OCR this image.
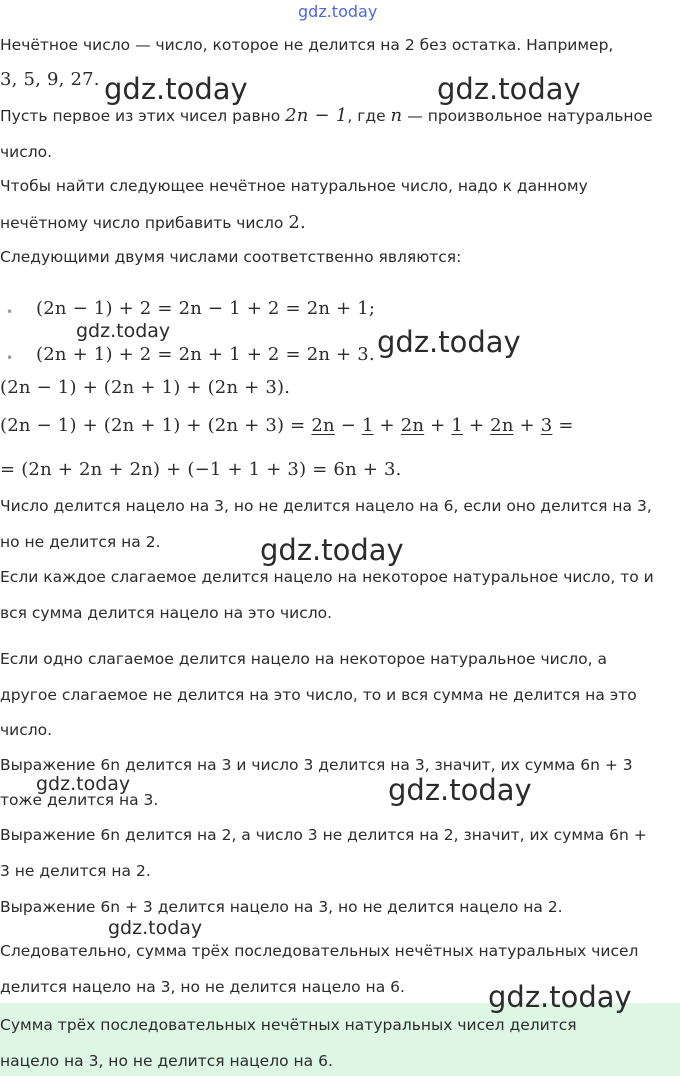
gdz.today
gdz.today	gdz.today
gdz.today	gdz.today
gdz.today
gdz.today	gdz.today
gdz.today
gdz.today
Нечётное число — число, которое не делится на 2 без остатка. Например,
3, 5, 9, 27.
Пусть первое из этих чисел равно 2n − 1, где n — произвольное натуральное
число.
Чтобы найти следующее нечётное натуральное число, надо к данному
нечётному число прибавить число 2.
Следующими двумя числами соответственно являются:
• (2n − 1) + 2 = 2n − 1 + 2 = 2n + 1;
• (2n + 1) + 2 = 2n + 1 + 2 = 2n + 3.
(2n − 1) + (2n + 1) + (2n + 3).
(2n − 1) + (2n + 1) + (2n + 3) = 2n − 1 + 2n + 1 + 2n + 3 =
= (2n + 2n + 2n) + (−1 + 1 + 3) = 6n + 3.
Число делится нацело на 3, но не делится нацело на 6, если оно делится на 3,
но не делится на 2.
Если каждое слагаемое делится нацело на некоторое натуральное число, то и
вся сумма делится нацело на это число.
Если одно слагаемое делится нацело на некоторое натуральное число, а
другое слагаемое не делится на это число, то и вся сумма не делится на это
число.
Выражение 6n делится на 3 и число 3 делится на 3, значит, их сумма 6n + 3
тоже делится на 3.
Выражение 6n делится на 2, а число 3 не делится на 2, значит, их сумма 6n +
3 не делится на 2.
Выражение 6n + 3 делится нацело на 3, но не делится нацело на 2.
Следовательно, сумма трёх последовательных нечётных натуральных чисел
делится нацело на 3, но не делится нацело на 6.
Сумма трёх последовательных нечётных натуральных чисел делится
нацело на 3, но не делится нацело на 6.
